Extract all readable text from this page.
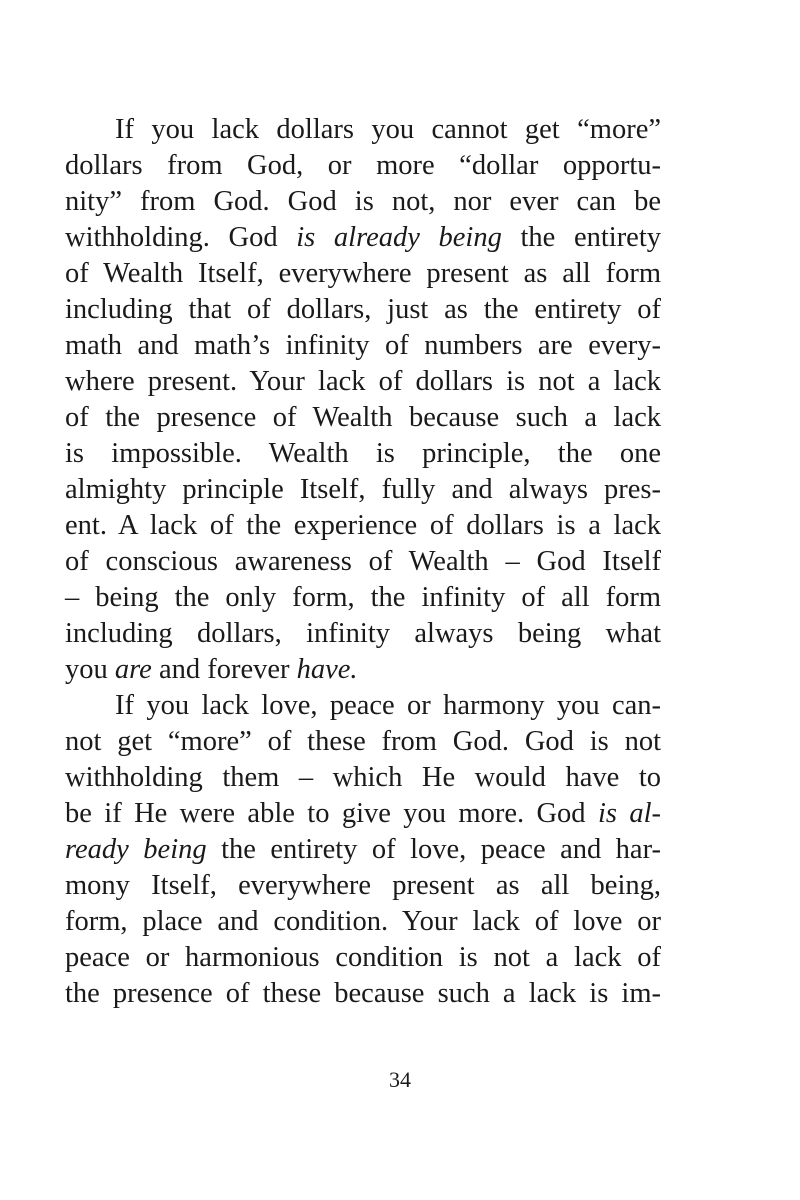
If you lack dollars you cannot get “more”
dollars from God, or more “dollar opportu-
nity” from God. God is not, nor ever can be
withholding. God is already being the entirety
of Wealth Itself, everywhere present as all form
including that of dollars, just as the entirety of
math and math’s infinity of numbers are every-
where present. Your lack of dollars is not a lack
of the presence of Wealth because such a lack
is impossible. Wealth is principle, the one
almighty principle Itself, fully and always pres-
ent. A lack of the experience of dollars is a lack
of conscious awareness of Wealth – God Itself
– being the only form, the infinity of all form
including dollars, infinity always being what
you are and forever have.
If you lack love, peace or harmony you can-
not get “more” of these from God. God is not
withholding them – which He would have to
be if He were able to give you more. God is al-
ready being the entirety of love, peace and har-
mony Itself, everywhere present as all being,
form, place and condition. Your lack of love or
peace or harmonious condition is not a lack of
the presence of these because such a lack is im-
34
